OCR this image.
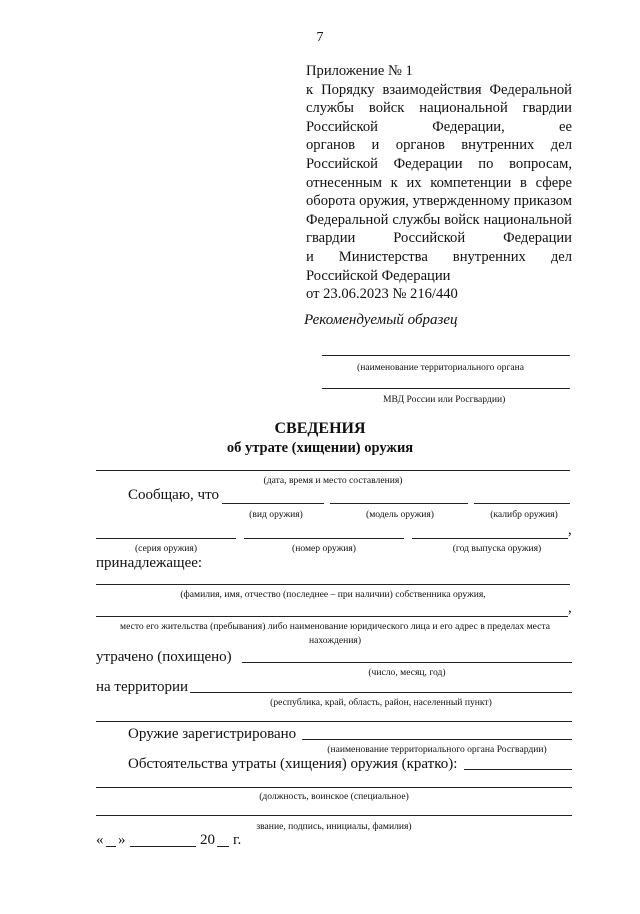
7
Приложение № 1
к Порядку взаимодействия Федеральной
службы войск национальной гвардии
Российской Федерации, ее
органов и органов внутренних дел
Российской Федерации по вопросам,
отнесенным к их компетенции в сфере
оборота оружия, утвержденному приказом
Федеральной службы войск национальной
гвардии Российской Федерации
и Министерства внутренних дел
Российской Федерации
от 23.06.2023 № 216/440
Рекомендуемый образец
(наименование территориального органа
МВД России или Росгвардии)
СВЕДЕНИЯ
об утрате (хищении) оружия
(дата, время и место составления)
Сообщаю, что
(вид оружия)	(модель оружия)	(калибр оружия)
,
(серия оружия)	(номер оружия)	(год выпуска оружия)
принадлежащее:
(фамилия, имя, отчество (последнее – при наличии) собственника оружия,
,
место его жительства (пребывания) либо наименование юридического лица и его адрес в пределах места
нахождения)
утрачено (похищено)
(число, месяц, год)
на территории
(республика, край, область, район, населенный пункт)
Оружие зарегистрировано
(наименование территориального органа Росгвардии)
Обстоятельства утраты (хищения) оружия (кратко):
(должность, воинское (специальное)
звание, подпись, инициалы, фамилия)
« »	20 г.
